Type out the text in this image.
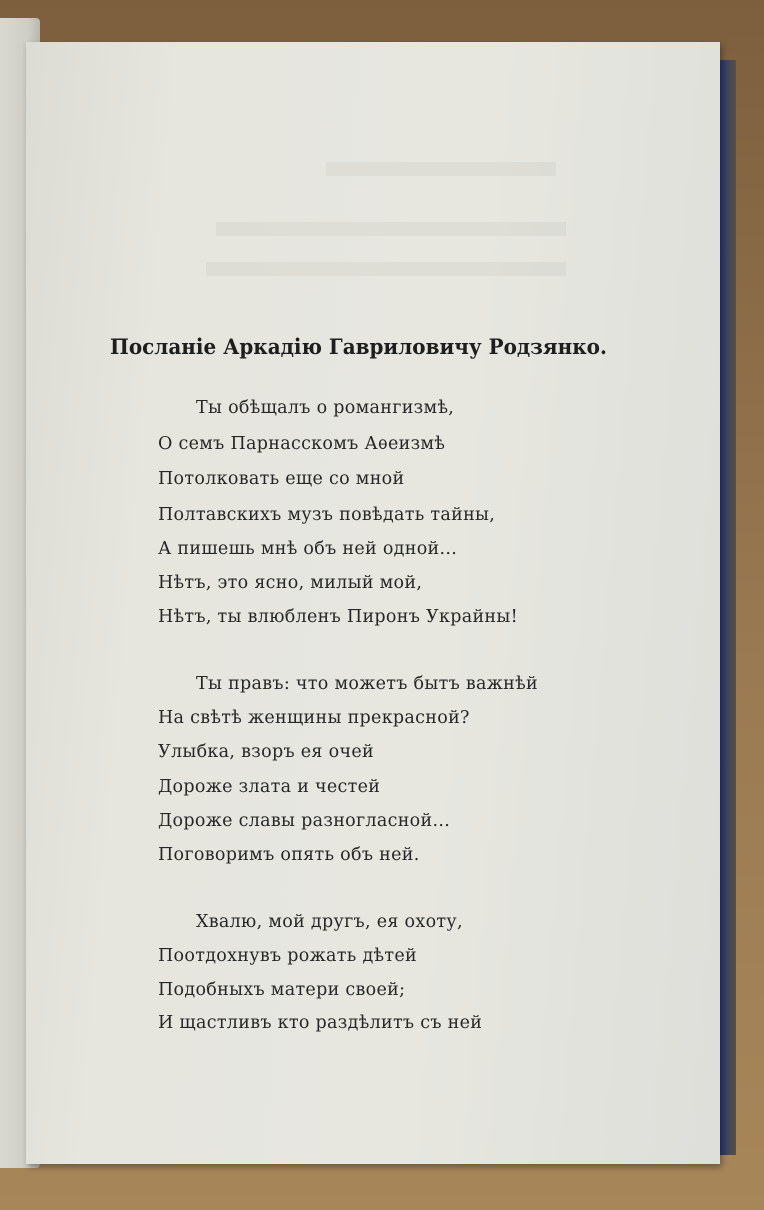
Посланіе Аркадію Гавриловичу Родзянко.
Ты обѣщалъ о романгизмѣ,
О семъ Парнасскомъ Аѳеизмѣ
Потолковать еще со мной
Полтавскихъ музъ повѣдать тайны,
А пишешь мнѣ объ ней одной...
Нѣтъ, это ясно, милый мой,
Нѣтъ, ты влюбленъ Пиронъ Украйны!
Ты правъ: что можетъ бытъ важнѣй
На свѣтѣ женщины прекрасной?
Улыбка, взоръ ея очей
Дороже злата и честей
Дороже славы разногласной...
Поговоримъ опять объ ней.
Хвалю, мой другъ, ея охоту,
Поотдохнувъ рожать дѣтей
Подобныхъ матери своей;
И щастливъ кто раздѣлитъ съ ней
